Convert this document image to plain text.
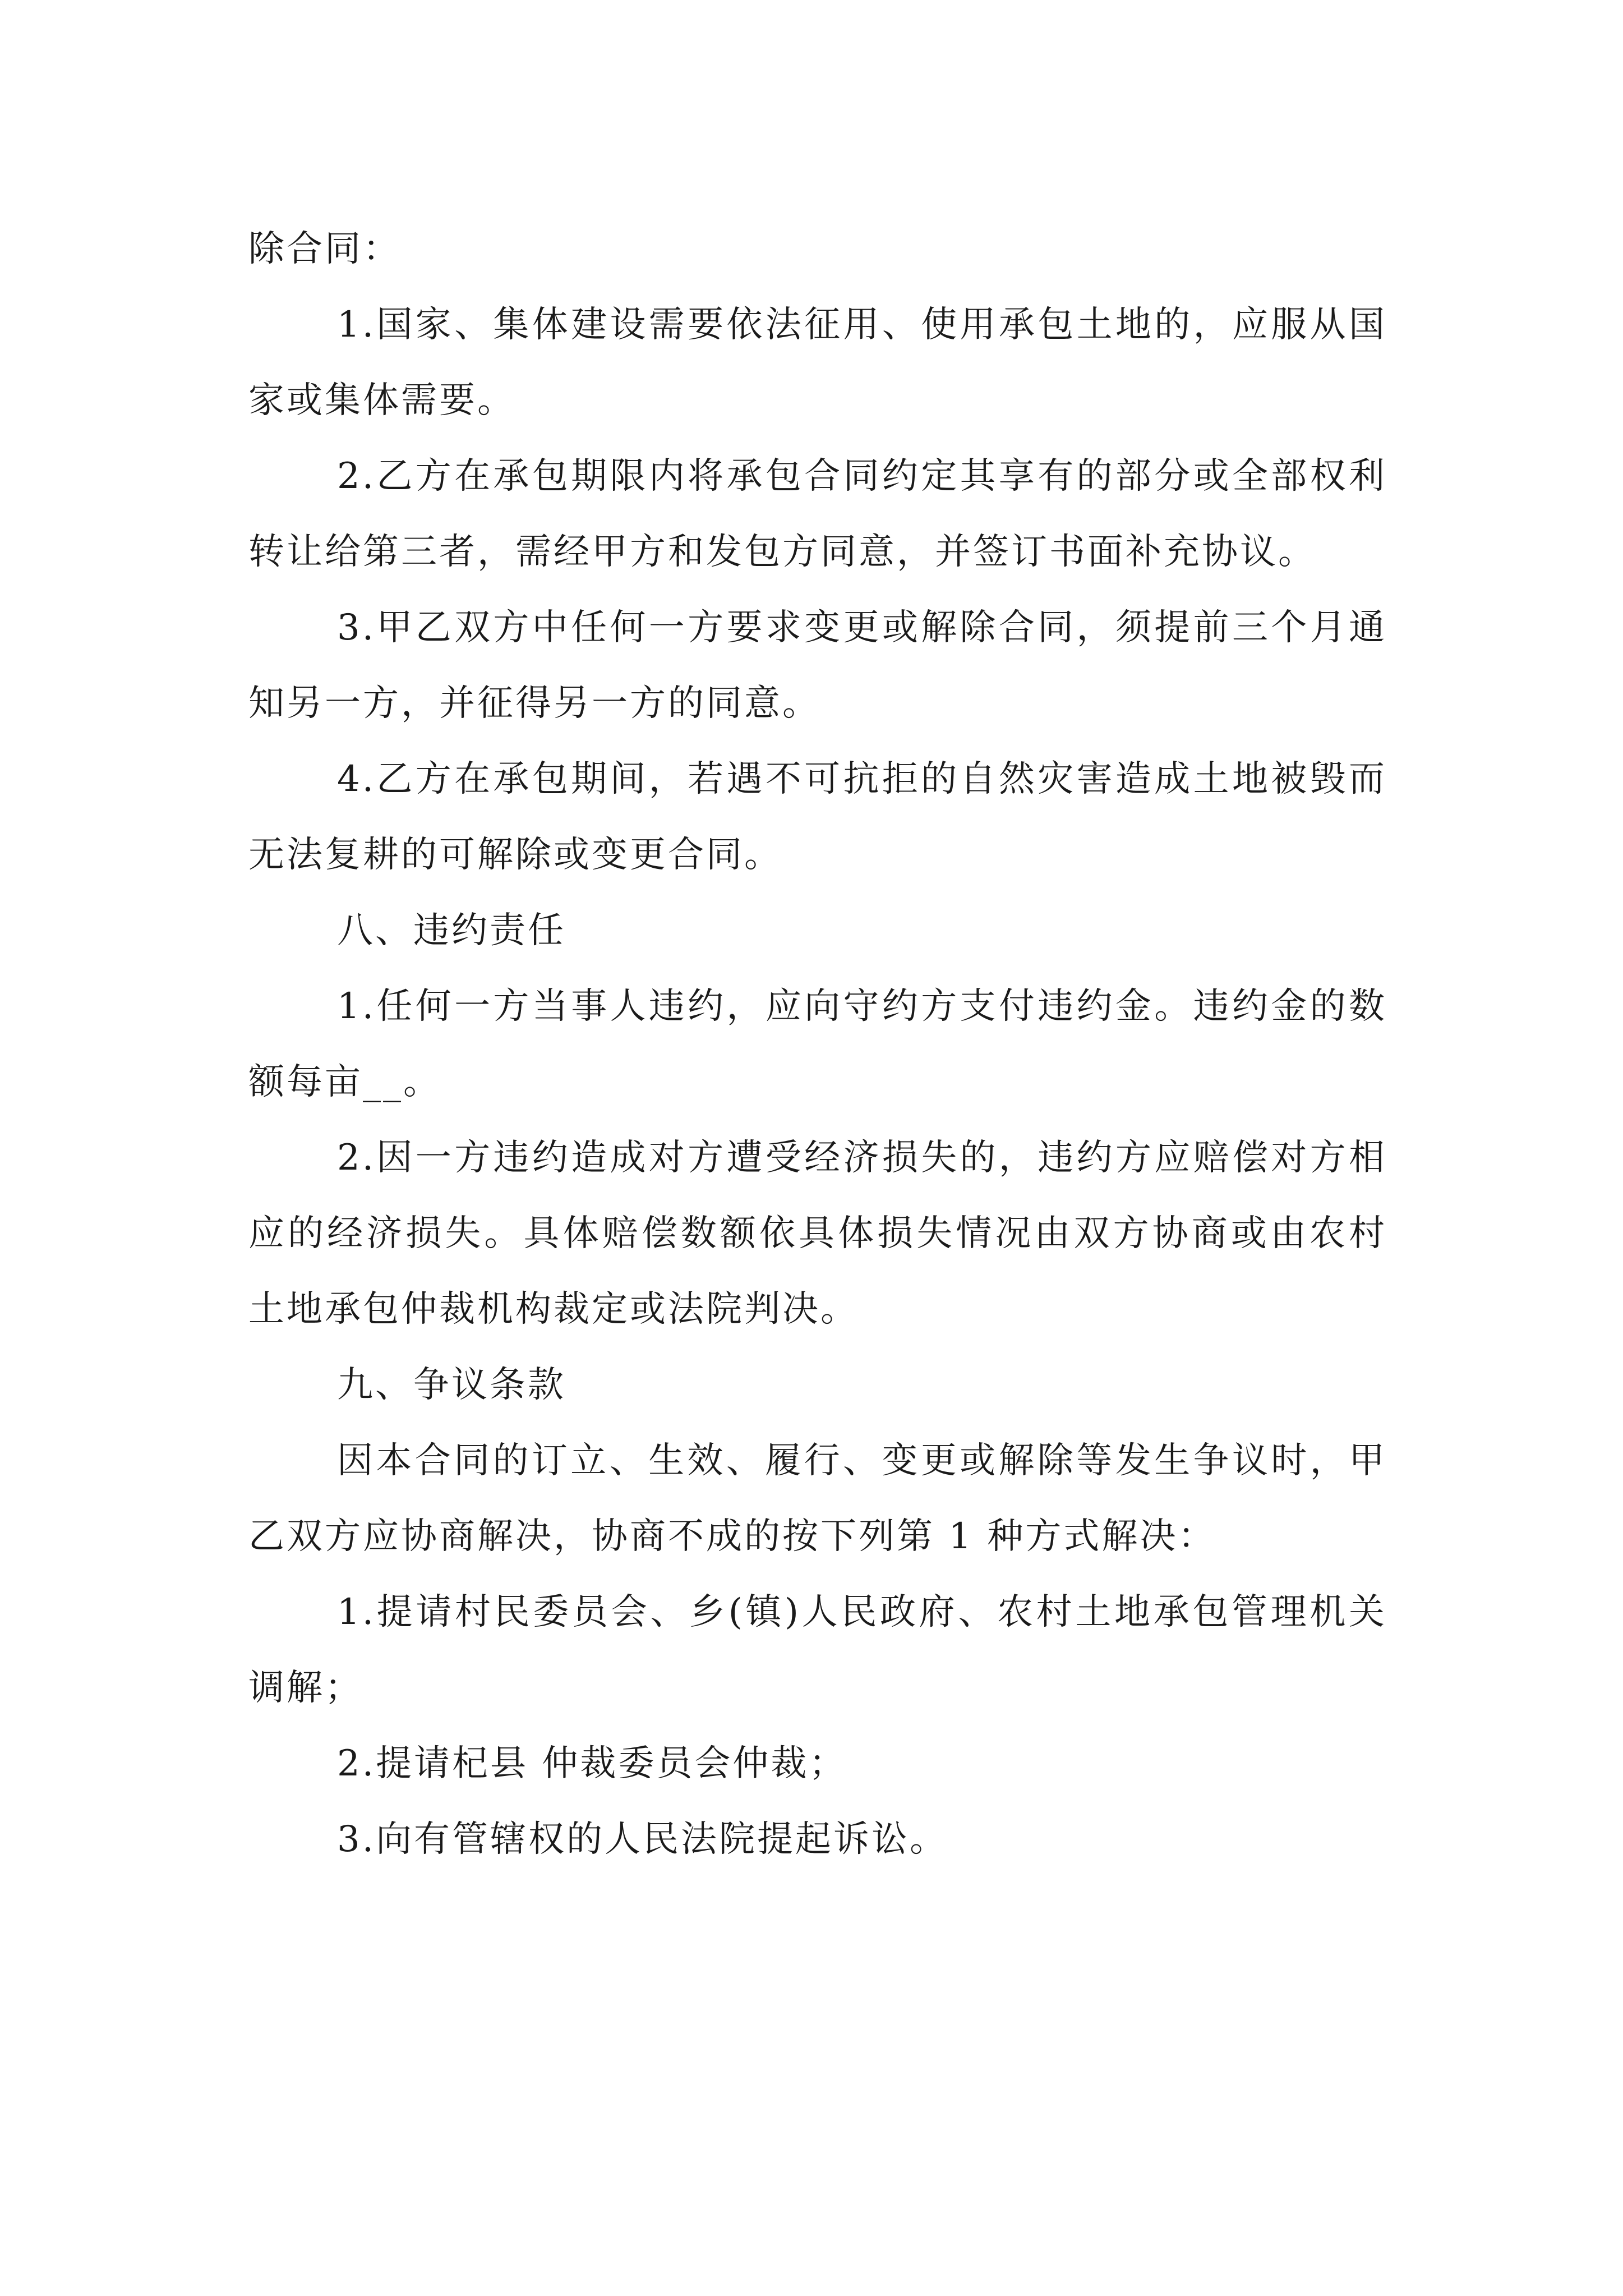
除合同：

1.国家、集体建设需要依法征用、使用承包土地的，应服从国家或集体需要。

2.乙方在承包期限内将承包合同约定其享有的部分或全部权利转让给第三者，需经甲方和发包方同意，并签订书面补充协议。

3.甲乙双方中任何一方要求变更或解除合同，须提前三个月通知另一方，并征得另一方的同意。

4.乙方在承包期间，若遇不可抗拒的自然灾害造成土地被毁而无法复耕的可解除或变更合同。

八、违约责任

1.任何一方当事人违约，应向守约方支付违约金。违约金的数额每亩__。

2.因一方违约造成对方遭受经济损失的，违约方应赔偿对方相应的经济损失。具体赔偿数额依具体损失情况由双方协商或由农村土地承包仲裁机构裁定或法院判决。

九、争议条款

因本合同的订立、生效、履行、变更或解除等发生争议时，甲乙双方应协商解决，协商不成的按下列第 1 种方式解决：

1.提请村民委员会、乡(镇)人民政府、农村土地承包管理机关调解；

2.提请杞县 仲裁委员会仲裁；

3.向有管辖权的人民法院提起诉讼。
